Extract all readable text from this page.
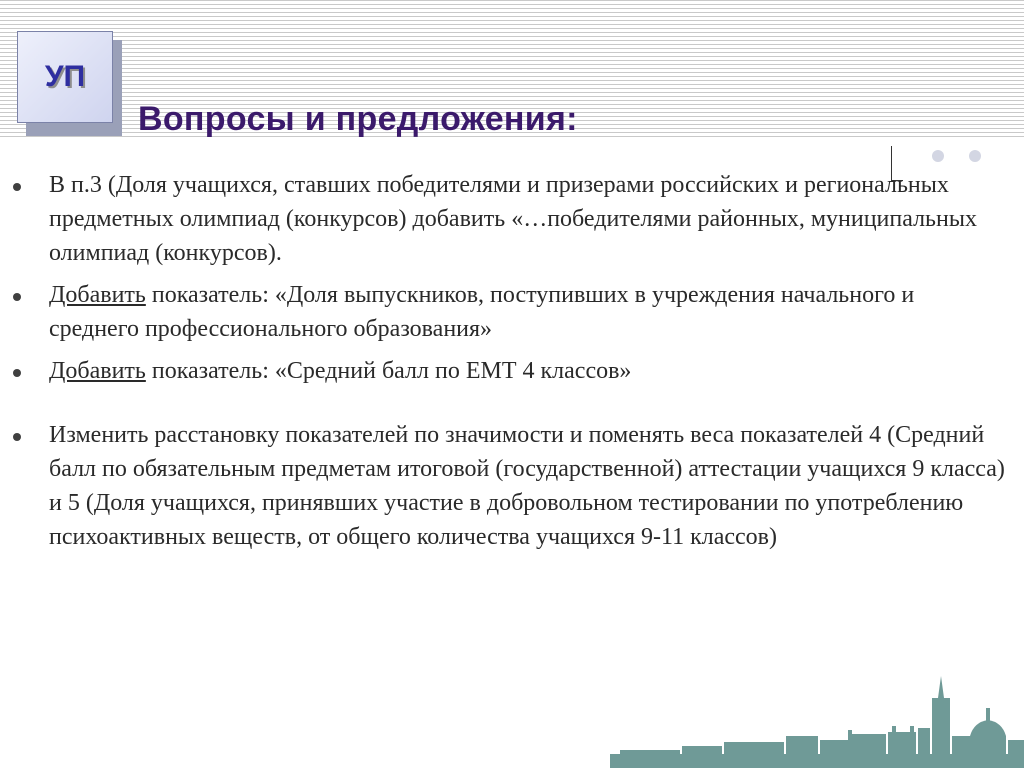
УП
Вопросы и предложения:
В п.3 (Доля учащихся, ставших победителями и призерами российских и региональных предметных олимпиад (конкурсов) добавить «…победителями районных, муниципальных олимпиад (конкурсов).
Добавить показатель: «Доля выпускников, поступивших в учреждения начального и среднего профессионального образования»
Добавить показатель: «Средний балл по ЕМТ 4 классов»
Изменить расстановку показателей по значимости и поменять веса показателей 4 (Средний балл по обязательным предметам итоговой (государственной) аттестации учащихся 9 класса) и 5 (Доля учащихся, принявших участие в добровольном тестировании по употреблению психоактивных веществ, от общего количества учащихся 9-11 классов)
